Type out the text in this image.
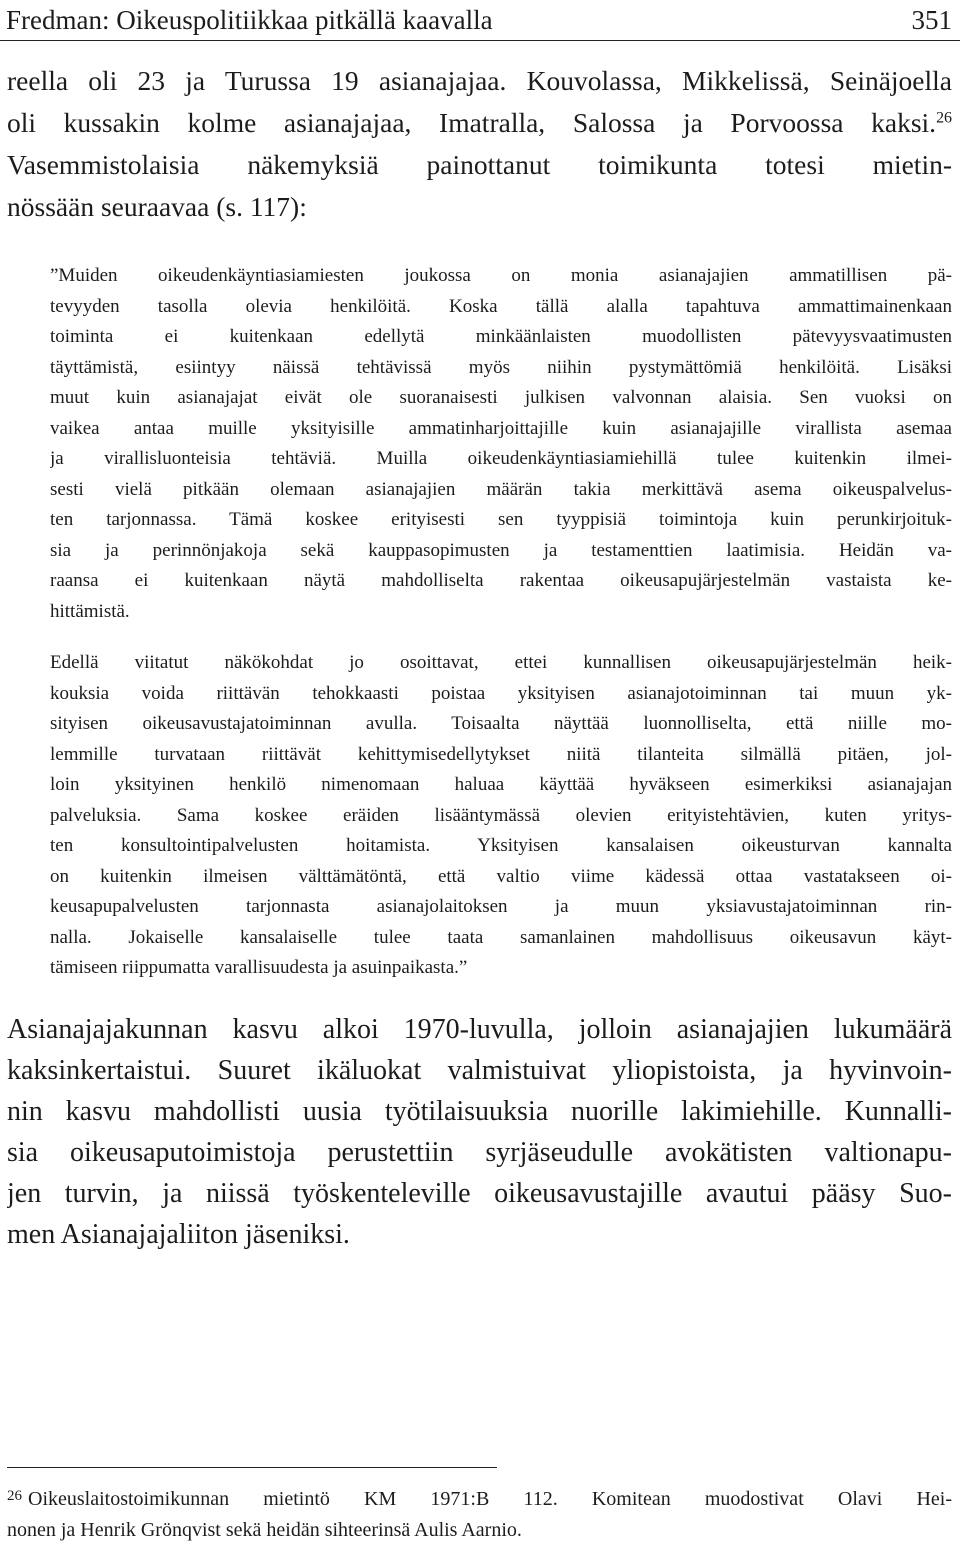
Fredman: Oikeuspolitiikkaa pitkällä kaavalla	351
reella oli 23 ja Turussa 19 asianajajaa. Kouvolassa, Mikkelissä, Seinäjoella
oli kussakin kolme asianajajaa, Imatralla, Salossa ja Porvoossa kaksi.$^{26}$
Vasemmistolaisia näkemyksiä painottanut toimikunta totesi mietin-
nössään seuraavaa (s. 117):
”Muiden oikeudenkäyntiasiamiesten joukossa on monia asianajajien ammatillisen pä-
tevyyden tasolla olevia henkilöitä. Koska tällä alalla tapahtuva ammattimainenkaan
toiminta ei kuitenkaan edellytä minkäänlaisten muodollisten pätevyysvaatimusten
täyttämistä, esiintyy näissä tehtävissä myös niihin pystymättömiä henkilöitä. Lisäksi
muut kuin asianajajat eivät ole suoranaisesti julkisen valvonnan alaisia. Sen vuoksi on
vaikea antaa muille yksityisille ammatinharjoittajille kuin asianajajille virallista asemaa
ja virallisluonteisia tehtäviä. Muilla oikeudenkäyntiasiamiehillä tulee kuitenkin ilmei-
sesti vielä pitkään olemaan asianajajien määrän takia merkittävä asema oikeuspalvelus-
ten tarjonnassa. Tämä koskee erityisesti sen tyyppisiä toimintoja kuin perunkirjoituk-
sia ja perinnönjakoja sekä kauppasopimusten ja testamenttien laatimisia. Heidän va-
raansa ei kuitenkaan näytä mahdolliselta rakentaa oikeusapujärjestelmän vastaista ke-
hittämistä.
Edellä viitatut näkökohdat jo osoittavat, ettei kunnallisen oikeusapujärjestelmän heik-
kouksia voida riittävän tehokkaasti poistaa yksityisen asianajotoiminnan tai muun yk-
sityisen oikeusavustajatoiminnan avulla. Toisaalta näyttää luonnolliselta, että niille mo-
lemmille turvataan riittävät kehittymisedellytykset niitä tilanteita silmällä pitäen, jol-
loin yksityinen henkilö nimenomaan haluaa käyttää hyväkseen esimerkiksi asianajajan
palveluksia. Sama koskee eräiden lisääntymässä olevien erityistehtävien, kuten yritys-
ten konsultointipalvelusten hoitamista. Yksityisen kansalaisen oikeusturvan kannalta
on kuitenkin ilmeisen välttämätöntä, että valtio viime kädessä ottaa vastatakseen oi-
keusapupalvelusten tarjonnasta asianajolaitoksen ja muun yksiavustajatoiminnan rin-
nalla. Jokaiselle kansalaiselle tulee taata samanlainen mahdollisuus oikeusavun käyt-
tämiseen riippumatta varallisuudesta ja asuinpaikasta.”
Asianajajakunnan kasvu alkoi 1970-luvulla, jolloin asianajajien lukumäärä
kaksinkertaistui. Suuret ikäluokat valmistuivat yliopistoista, ja hyvinvoin-
nin kasvu mahdollisti uusia työtilaisuuksia nuorille lakimiehille. Kunnalli-
sia oikeusaputoimistoja perustettiin syrjäseudulle avokätisten valtionapu-
jen turvin, ja niissä työskenteleville oikeusavustajille avautui pääsy Suo-
men Asianajajaliiton jäseniksi.
$^{26}$ Oikeuslaitostoimikunnan mietintö KM 1971:B 112. Komitean muodostivat Olavi Hei-
nonen ja Henrik Grönqvist sekä heidän sihteerinsä Aulis Aarnio.
